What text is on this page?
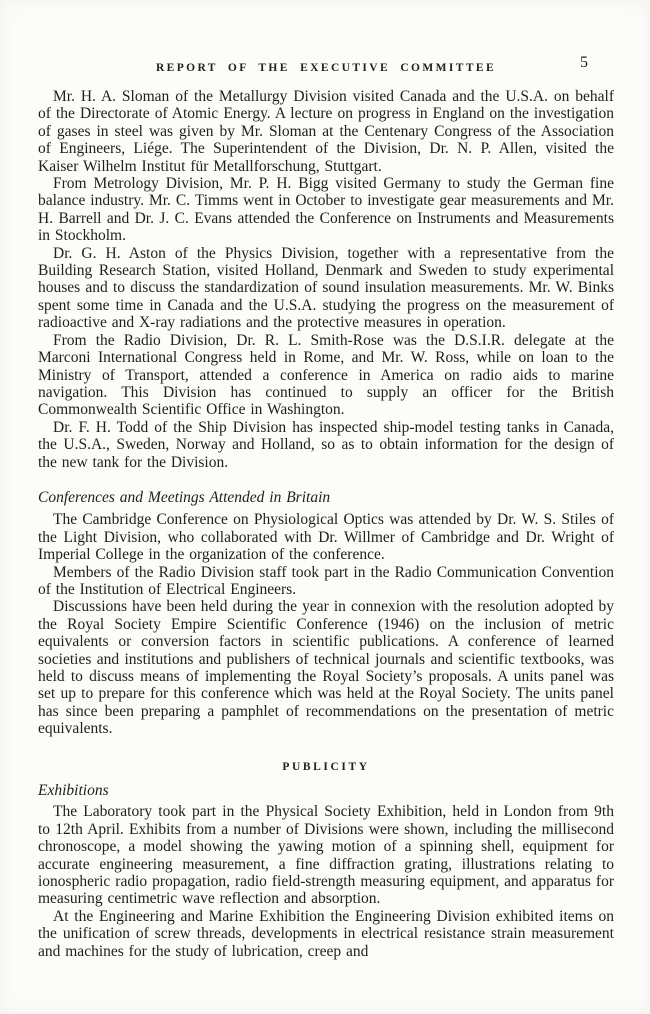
REPORT OF THE EXECUTIVE COMMITTEE	5

Mr. H. A. Sloman of the Metallurgy Division visited Canada and the U.S.A. on behalf of the Directorate of Atomic Energy. A lecture on progress in England on the investigation of gases in steel was given by Mr. Sloman at the Centenary Congress of the Association of Engineers, Liége. The Superintendent of the Division, Dr. N. P. Allen, visited the Kaiser Wilhelm Institut für Metallforschung, Stuttgart.

From Metrology Division, Mr. P. H. Bigg visited Germany to study the German fine balance industry. Mr. C. Timms went in October to investigate gear measurements and Mr. H. Barrell and Dr. J. C. Evans attended the Conference on Instruments and Measurements in Stockholm.

Dr. G. H. Aston of the Physics Division, together with a representative from the Building Research Station, visited Holland, Denmark and Sweden to study experimental houses and to discuss the standardization of sound insulation measurements. Mr. W. Binks spent some time in Canada and the U.S.A. studying the progress on the measurement of radioactive and X-ray radiations and the protective measures in operation.

From the Radio Division, Dr. R. L. Smith-Rose was the D.S.I.R. delegate at the Marconi International Congress held in Rome, and Mr. W. Ross, while on loan to the Ministry of Transport, attended a conference in America on radio aids to marine navigation. This Division has continued to supply an officer for the British Commonwealth Scientific Office in Washington.

Dr. F. H. Todd of the Ship Division has inspected ship-model testing tanks in Canada, the U.S.A., Sweden, Norway and Holland, so as to obtain information for the design of the new tank for the Division.

Conferences and Meetings Attended in Britain

The Cambridge Conference on Physiological Optics was attended by Dr. W. S. Stiles of the Light Division, who collaborated with Dr. Willmer of Cambridge and Dr. Wright of Imperial College in the organization of the conference.

Members of the Radio Division staff took part in the Radio Communication Convention of the Institution of Electrical Engineers.

Discussions have been held during the year in connexion with the resolution adopted by the Royal Society Empire Scientific Conference (1946) on the inclusion of metric equivalents or conversion factors in scientific publications. A conference of learned societies and institutions and publishers of technical journals and scientific textbooks, was held to discuss means of implementing the Royal Society’s proposals. A units panel was set up to prepare for this conference which was held at the Royal Society. The units panel has since been preparing a pamphlet of recommendations on the presentation of metric equivalents.

PUBLICITY
Exhibitions

The Laboratory took part in the Physical Society Exhibition, held in London from 9th to 12th April. Exhibits from a number of Divisions were shown, including the millisecond chronoscope, a model showing the yawing motion of a spinning shell, equipment for accurate engineering measurement, a fine diffraction grating, illustrations relating to ionospheric radio propagation, radio field-strength measuring equipment, and apparatus for measuring centimetric wave reflection and absorption.

At the Engineering and Marine Exhibition the Engineering Division exhibited items on the unification of screw threads, developments in electrical resistance strain measurement and machines for the study of lubrication, creep and
